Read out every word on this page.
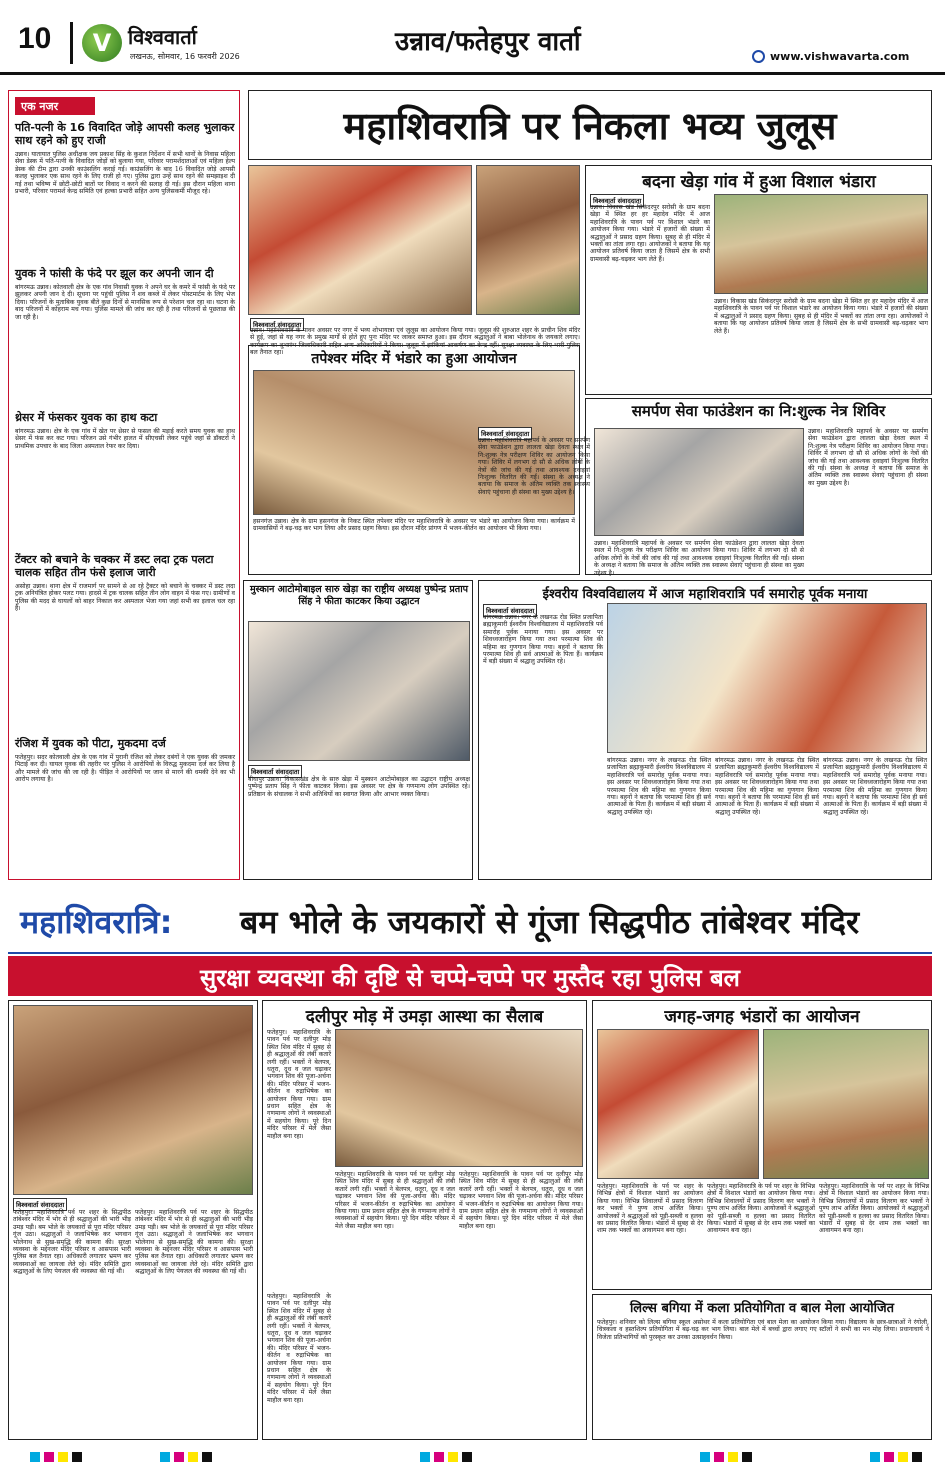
10	V विश्ववार्ता
लखनऊ, सोमवार, 16 फरवरी 2026	उन्नाव/फतेहपुर वार्ता	www.vishwavarta.com
एक नजर
पति-पत्नी के 16 विवादित जोड़े आपसी कलह भुलाकर साथ रहने को हुए राजी
उन्नाव। यातायात पुलिस अधीक्षक जय प्रकाश सिंह के कुशल निर्देशन में सभी थानों के निवास महिला सेवा डेस्क में पति-पत्नी के विवादित जोड़ों को बुलाया गया, परिवार परामर्शदाताओं एवं महिला हेल्प डेस्क की टीम द्वारा उनकी काउंसलिंग कराई गई। काउंसलिंग के बाद 16 विवादित जोड़े आपसी कलह भुलाकर एक साथ रहने के लिए राजी हो गए। पुलिस द्वारा उन्हें साथ रहने की समझाइश दी गई तथा भविष्य में छोटी-छोटी बातों पर विवाद न करने की सलाह दी गई। इस दौरान महिला थाना प्रभारी, परिवार परामर्श केन्द्र समिति एवं हल्का प्रभारी सहित अन्य पुलिसकर्मी मौजूद रहे।
युवक ने फांसी के फंदे पर झूल कर अपनी जान दी
बांगरमऊ उन्नाव। कोतवाली क्षेत्र के एक गांव निवासी युवक ने अपने घर के कमरे में फांसी के फंदे पर झूलकर अपनी जान दे दी। सूचना पर पहुंची पुलिस ने शव कब्जे में लेकर पोस्टमार्टम के लिए भेज दिया। परिजनों के मुताबिक युवक बीते कुछ दिनों से मानसिक रूप से परेशान चल रहा था। घटना के बाद परिजनों में कोहराम मच गया। पुलिस मामले की जांच कर रही है तथा परिजनों से पूछताछ की जा रही है।
थ्रेसर में फंसकर युवक का हाथ कटा
बांगरमऊ उन्नाव। क्षेत्र के एक गांव में खेत पर थ्रेसर से फसल की मड़ाई करते समय युवक का हाथ थ्रेसर में फंस कर कट गया। परिजन उसे गंभीर हालत में सीएचसी लेकर पहुंचे जहां से डॉक्टरों ने प्राथमिक उपचार के बाद जिला अस्पताल रेफर कर दिया।
टेंक्टर को बचाने के चक्कर में डस्ट लदा ट्रक पलटा चालक सहित तीन फंसे इलाज जारी
असोहा उन्नाव। थाना क्षेत्र में राजमार्ग पर सामने से आ रहे ट्रैक्टर को बचाने के चक्कर में डस्ट लदा ट्रक अनियंत्रित होकर पलट गया। हादसे में ट्रक चालक सहित तीन लोग वाहन में फंस गए। ग्रामीणों व पुलिस की मदद से घायलों को बाहर निकाल कर अस्पताल भेजा गया जहां सभी का इलाज चल रहा है।
रंजिश में युवक को पीटा, मुकदमा दर्ज
फतेहपुर। सदर कोतवाली क्षेत्र के एक गांव में पुरानी रंजिश को लेकर दबंगों ने एक युवक की जमकर पिटाई कर दी। घायल युवक की तहरीर पर पुलिस ने आरोपियों के विरुद्ध मुकदमा दर्ज कर लिया है और मामले की जांच की जा रही है। पीड़ित ने आरोपियों पर जान से मारने की धमकी देने का भी आरोप लगाया है।
महाशिवरात्रि पर निकला भव्य जुलूस
विश्ववार्ता संवाददाता
उन्नाव। महाशिवरात्रि के पावन अवसर पर नगर में भव्य शोभायात्रा एवं जुलूस का आयोजन किया गया। जुलूस की शुरुआत शहर के प्राचीन शिव मंदिर से हुई, जहां से यह नगर के प्रमुख मार्गों से होते हुए पुनः मंदिर पर जाकर समाप्त हुआ। इस दौरान श्रद्धालुओं ने बाबा भोलेनाथ के जयकारे लगाए। कार्यक्रम का शुभारंभ जिलाधिकारी सहित अन्य अधिकारियों ने किया। जुलूस में झांकियां आकर्षण का केन्द्र रहीं। सुरक्षा व्यवस्था के लिए भारी पुलिस बल तैनात रहा।
बदना खेड़ा गांव में हुआ विशाल भंडारा
विश्ववार्ता संवाददाता
उन्नाव। विकास खंड सिकंदरपुर सरोसी के ग्राम बदना खेड़ा में स्थित हर हर महादेव मंदिर में आज महाशिवरात्रि के पावन पर्व पर विशाल भंडारे का आयोजन किया गया। भंडारे में हजारों की संख्या में श्रद्धालुओं ने प्रसाद ग्रहण किया। सुबह से ही मंदिर में भक्तों का तांता लगा रहा। आयोजकों ने बताया कि यह आयोजन प्रतिवर्ष किया जाता है जिसमें क्षेत्र के सभी ग्रामवासी बढ़-चढ़कर भाग लेते हैं।
उन्नाव। विकास खंड सिकंदरपुर सरोसी के ग्राम बदना खेड़ा में स्थित हर हर महादेव मंदिर में आज महाशिवरात्रि के पावन पर्व पर विशाल भंडारे का आयोजन किया गया। भंडारे में हजारों की संख्या में श्रद्धालुओं ने प्रसाद ग्रहण किया। सुबह से ही मंदिर में भक्तों का तांता लगा रहा। आयोजकों ने बताया कि यह आयोजन प्रतिवर्ष किया जाता है जिसमें क्षेत्र के सभी ग्रामवासी बढ़-चढ़कर भाग लेते हैं।
तपेश्वर मंदिर में भंडारे का हुआ आयोजन
हसनगंज उन्नाव। क्षेत्र के ग्राम हसनगंज के निकट स्थित तपेश्वर मंदिर पर महाशिवरात्रि के अवसर पर भंडारे का आयोजन किया गया। कार्यक्रम में ग्रामवासियों ने बढ़-चढ़ कर भाग लिया और प्रसाद ग्रहण किया। इस दौरान मंदिर प्रांगण में भजन-कीर्तन का आयोजन भी किया गया।
समर्पण सेवा फाउंडेशन का नि:शुल्क नेत्र शिविर
विश्ववार्ता संवाददाता
उन्नाव। महाशिवरात्रि महापर्व के अवसर पर समर्पण सेवा फाउंडेशन द्वारा लालता खेड़ा देवता स्थल में नि:शुल्क नेत्र परीक्षण शिविर का आयोजन किया गया। शिविर में लगभग दो सौ से अधिक लोगों के नेत्रों की जांच की गई तथा आवश्यक दवाइयां निःशुल्क वितरित की गईं। संस्था के अध्यक्ष ने बताया कि समाज के अंतिम व्यक्ति तक स्वास्थ्य सेवाएं पहुंचाना ही संस्था का मुख्य उद्देश्य है।
उन्नाव। महाशिवरात्रि महापर्व के अवसर पर समर्पण सेवा फाउंडेशन द्वारा लालता खेड़ा देवता स्थल में नि:शुल्क नेत्र परीक्षण शिविर का आयोजन किया गया। शिविर में लगभग दो सौ से अधिक लोगों के नेत्रों की जांच की गई तथा आवश्यक दवाइयां निःशुल्क वितरित की गईं। संस्था के अध्यक्ष ने बताया कि समाज के अंतिम व्यक्ति तक स्वास्थ्य सेवाएं पहुंचाना ही संस्था का मुख्य उद्देश्य है।
उन्नाव। महाशिवरात्रि महापर्व के अवसर पर समर्पण सेवा फाउंडेशन द्वारा लालता खेड़ा देवता स्थल में नि:शुल्क नेत्र परीक्षण शिविर का आयोजन किया गया। शिविर में लगभग दो सौ से अधिक लोगों के नेत्रों की जांच की गई तथा आवश्यक दवाइयां निःशुल्क वितरित की गईं। संस्था के अध्यक्ष ने बताया कि समाज के अंतिम व्यक्ति तक स्वास्थ्य सेवाएं पहुंचाना ही संस्था का मुख्य उद्देश्य है।
मुस्कान आटोमोबाइल सारु खेड़ा का राष्ट्रीय अध्यक्ष पुष्पेन्द्र प्रताप सिंह ने फीता काटकर किया उद्घाटन
विश्ववार्ता संवाददाता
बीघापुर उन्नाव। विकासखंड क्षेत्र के सारु खेड़ा में मुस्कान आटोमोबाइल का उद्घाटन राष्ट्रीय अध्यक्ष पुष्पेन्द्र प्रताप सिंह ने फीता काटकर किया। इस अवसर पर क्षेत्र के गणमान्य लोग उपस्थित रहे। प्रतिष्ठान के संचालक ने सभी अतिथियों का स्वागत किया और आभार व्यक्त किया।
ईश्वरीय विश्वविद्यालय में आज महाशिवरात्रि पर्व समारोह पूर्वक मनाया
विश्ववार्ता संवाददाता
बांगरमऊ उन्नाव। नगर के लखनऊ रोड स्थित प्रजापिता ब्रह्माकुमारी ईश्वरीय विश्वविद्यालय में महाशिवरात्रि पर्व समारोह पूर्वक मनाया गया। इस अवसर पर शिवध्वजारोहण किया गया तथा परमात्मा शिव की महिमा का गुणगान किया गया। बहनों ने बताया कि परमात्मा शिव ही सर्व आत्माओं के पिता हैं। कार्यक्रम में बड़ी संख्या में श्रद्धालु उपस्थित रहे।
बांगरमऊ उन्नाव। नगर के लखनऊ रोड स्थित प्रजापिता ब्रह्माकुमारी ईश्वरीय विश्वविद्यालय में महाशिवरात्रि पर्व समारोह पूर्वक मनाया गया। इस अवसर पर शिवध्वजारोहण किया गया तथा परमात्मा शिव की महिमा का गुणगान किया गया। बहनों ने बताया कि परमात्मा शिव ही सर्व आत्माओं के पिता हैं। कार्यक्रम में बड़ी संख्या में श्रद्धालु उपस्थित रहे।
बांगरमऊ उन्नाव। नगर के लखनऊ रोड स्थित प्रजापिता ब्रह्माकुमारी ईश्वरीय विश्वविद्यालय में महाशिवरात्रि पर्व समारोह पूर्वक मनाया गया। इस अवसर पर शिवध्वजारोहण किया गया तथा परमात्मा शिव की महिमा का गुणगान किया गया। बहनों ने बताया कि परमात्मा शिव ही सर्व आत्माओं के पिता हैं। कार्यक्रम में बड़ी संख्या में श्रद्धालु उपस्थित रहे।
बांगरमऊ उन्नाव। नगर के लखनऊ रोड स्थित प्रजापिता ब्रह्माकुमारी ईश्वरीय विश्वविद्यालय में महाशिवरात्रि पर्व समारोह पूर्वक मनाया गया। इस अवसर पर शिवध्वजारोहण किया गया तथा परमात्मा शिव की महिमा का गुणगान किया गया। बहनों ने बताया कि परमात्मा शिव ही सर्व आत्माओं के पिता हैं। कार्यक्रम में बड़ी संख्या में श्रद्धालु उपस्थित रहे।
महाशिवरात्रि: बम भोले के जयकारों से गूंजा सिद्धपीठ तांबेश्वर मंदिर
सुरक्षा व्यवस्था की दृष्टि से चप्पे-चप्पे पर मुस्तैद रहा पुलिस बल
विश्ववार्ता संवाददाता
फतेहपुर। महाशिवरात्रि पर्व पर शहर के सिद्धपीठ तांबेश्वर मंदिर में भोर से ही श्रद्धालुओं की भारी भीड़ उमड़ पड़ी। बम भोले के जयकारों से पूरा मंदिर परिसर गूंज उठा। श्रद्धालुओं ने जलाभिषेक कर भगवान भोलेनाथ से सुख-समृद्धि की कामना की। सुरक्षा व्यवस्था के मद्देनजर मंदिर परिसर व आसपास भारी पुलिस बल तैनात रहा। अधिकारी लगातार भ्रमण कर व्यवस्थाओं का जायजा लेते रहे। मंदिर समिति द्वारा श्रद्धालुओं के लिए पेयजल की व्यवस्था की गई थी।
फतेहपुर। महाशिवरात्रि पर्व पर शहर के सिद्धपीठ तांबेश्वर मंदिर में भोर से ही श्रद्धालुओं की भारी भीड़ उमड़ पड़ी। बम भोले के जयकारों से पूरा मंदिर परिसर गूंज उठा। श्रद्धालुओं ने जलाभिषेक कर भगवान भोलेनाथ से सुख-समृद्धि की कामना की। सुरक्षा व्यवस्था के मद्देनजर मंदिर परिसर व आसपास भारी पुलिस बल तैनात रहा। अधिकारी लगातार भ्रमण कर व्यवस्थाओं का जायजा लेते रहे। मंदिर समिति द्वारा श्रद्धालुओं के लिए पेयजल की व्यवस्था की गई थी।
दलीपुर मोड़ में उमड़ा आस्था का सैलाब
फतेहपुर। महाशिवरात्रि के पावन पर्व पर दलीपुर मोड़ स्थित शिव मंदिर में सुबह से ही श्रद्धालुओं की लंबी कतारें लगी रहीं। भक्तों ने बेलपत्र, धतूरा, दूध व जल चढ़ाकर भगवान शिव की पूजा-अर्चना की। मंदिर परिसर में भजन-कीर्तन व रुद्राभिषेक का आयोजन किया गया। ग्राम प्रधान सहित क्षेत्र के गणमान्य लोगों ने व्यवस्थाओं में सहयोग किया। पूरे दिन मंदिर परिसर में मेले जैसा माहौल बना रहा।
फतेहपुर। महाशिवरात्रि के पावन पर्व पर दलीपुर मोड़ स्थित शिव मंदिर में सुबह से ही श्रद्धालुओं की लंबी कतारें लगी रहीं। भक्तों ने बेलपत्र, धतूरा, दूध व जल चढ़ाकर भगवान शिव की पूजा-अर्चना की। मंदिर परिसर में भजन-कीर्तन व रुद्राभिषेक का आयोजन किया गया। ग्राम प्रधान सहित क्षेत्र के गणमान्य लोगों ने व्यवस्थाओं में सहयोग किया। पूरे दिन मंदिर परिसर में मेले जैसा माहौल बना रहा।
फतेहपुर। महाशिवरात्रि के पावन पर्व पर दलीपुर मोड़ स्थित शिव मंदिर में सुबह से ही श्रद्धालुओं की लंबी कतारें लगी रहीं। भक्तों ने बेलपत्र, धतूरा, दूध व जल चढ़ाकर भगवान शिव की पूजा-अर्चना की। मंदिर परिसर में भजन-कीर्तन व रुद्राभिषेक का आयोजन किया गया। ग्राम प्रधान सहित क्षेत्र के गणमान्य लोगों ने व्यवस्थाओं में सहयोग किया। पूरे दिन मंदिर परिसर में मेले जैसा माहौल बना रहा।
फतेहपुर। महाशिवरात्रि के पावन पर्व पर दलीपुर मोड़ स्थित शिव मंदिर में सुबह से ही श्रद्धालुओं की लंबी कतारें लगी रहीं। भक्तों ने बेलपत्र, धतूरा, दूध व जल चढ़ाकर भगवान शिव की पूजा-अर्चना की। मंदिर परिसर में भजन-कीर्तन व रुद्राभिषेक का आयोजन किया गया। ग्राम प्रधान सहित क्षेत्र के गणमान्य लोगों ने व्यवस्थाओं में सहयोग किया। पूरे दिन मंदिर परिसर में मेले जैसा माहौल बना रहा।
जगह-जगह भंडारों का आयोजन
फतेहपुर। महाशिवरात्रि के पर्व पर शहर के विभिन्न क्षेत्रों में विशाल भंडारों का आयोजन किया गया। विभिन्न शिवालयों में प्रसाद वितरण कर भक्तों ने पुण्य लाभ अर्जित किया। आयोजकों ने श्रद्धालुओं को पूड़ी-सब्जी व हलवा का प्रसाद वितरित किया। भंडारों में सुबह से देर शाम तक भक्तों का आवागमन बना रहा।
फतेहपुर। महाशिवरात्रि के पर्व पर शहर के विभिन्न क्षेत्रों में विशाल भंडारों का आयोजन किया गया। विभिन्न शिवालयों में प्रसाद वितरण कर भक्तों ने पुण्य लाभ अर्जित किया। आयोजकों ने श्रद्धालुओं को पूड़ी-सब्जी व हलवा का प्रसाद वितरित किया। भंडारों में सुबह से देर शाम तक भक्तों का आवागमन बना रहा।
फतेहपुर। महाशिवरात्रि के पर्व पर शहर के विभिन्न क्षेत्रों में विशाल भंडारों का आयोजन किया गया। विभिन्न शिवालयों में प्रसाद वितरण कर भक्तों ने पुण्य लाभ अर्जित किया। आयोजकों ने श्रद्धालुओं को पूड़ी-सब्जी व हलवा का प्रसाद वितरित किया। भंडारों में सुबह से देर शाम तक भक्तों का आवागमन बना रहा।
लिल्स बगिया में कला प्रतियोगिता व बाल मेला आयोजित
फतेहपुर। शनिवार को लिल्स बगिया स्कूल असोथर में कला प्रतियोगिता एवं बाल मेला का आयोजन किया गया। विद्यालय के छात्र-छात्राओं ने रंगोली, चित्रकला व हस्तशिल्प प्रतियोगिता में बढ़-चढ़ कर भाग लिया। बाल मेले में बच्चों द्वारा लगाए गए स्टॉलों ने सभी का मन मोह लिया। प्रधानाचार्य ने विजेता प्रतिभागियों को पुरस्कृत कर उनका उत्साहवर्धन किया।
